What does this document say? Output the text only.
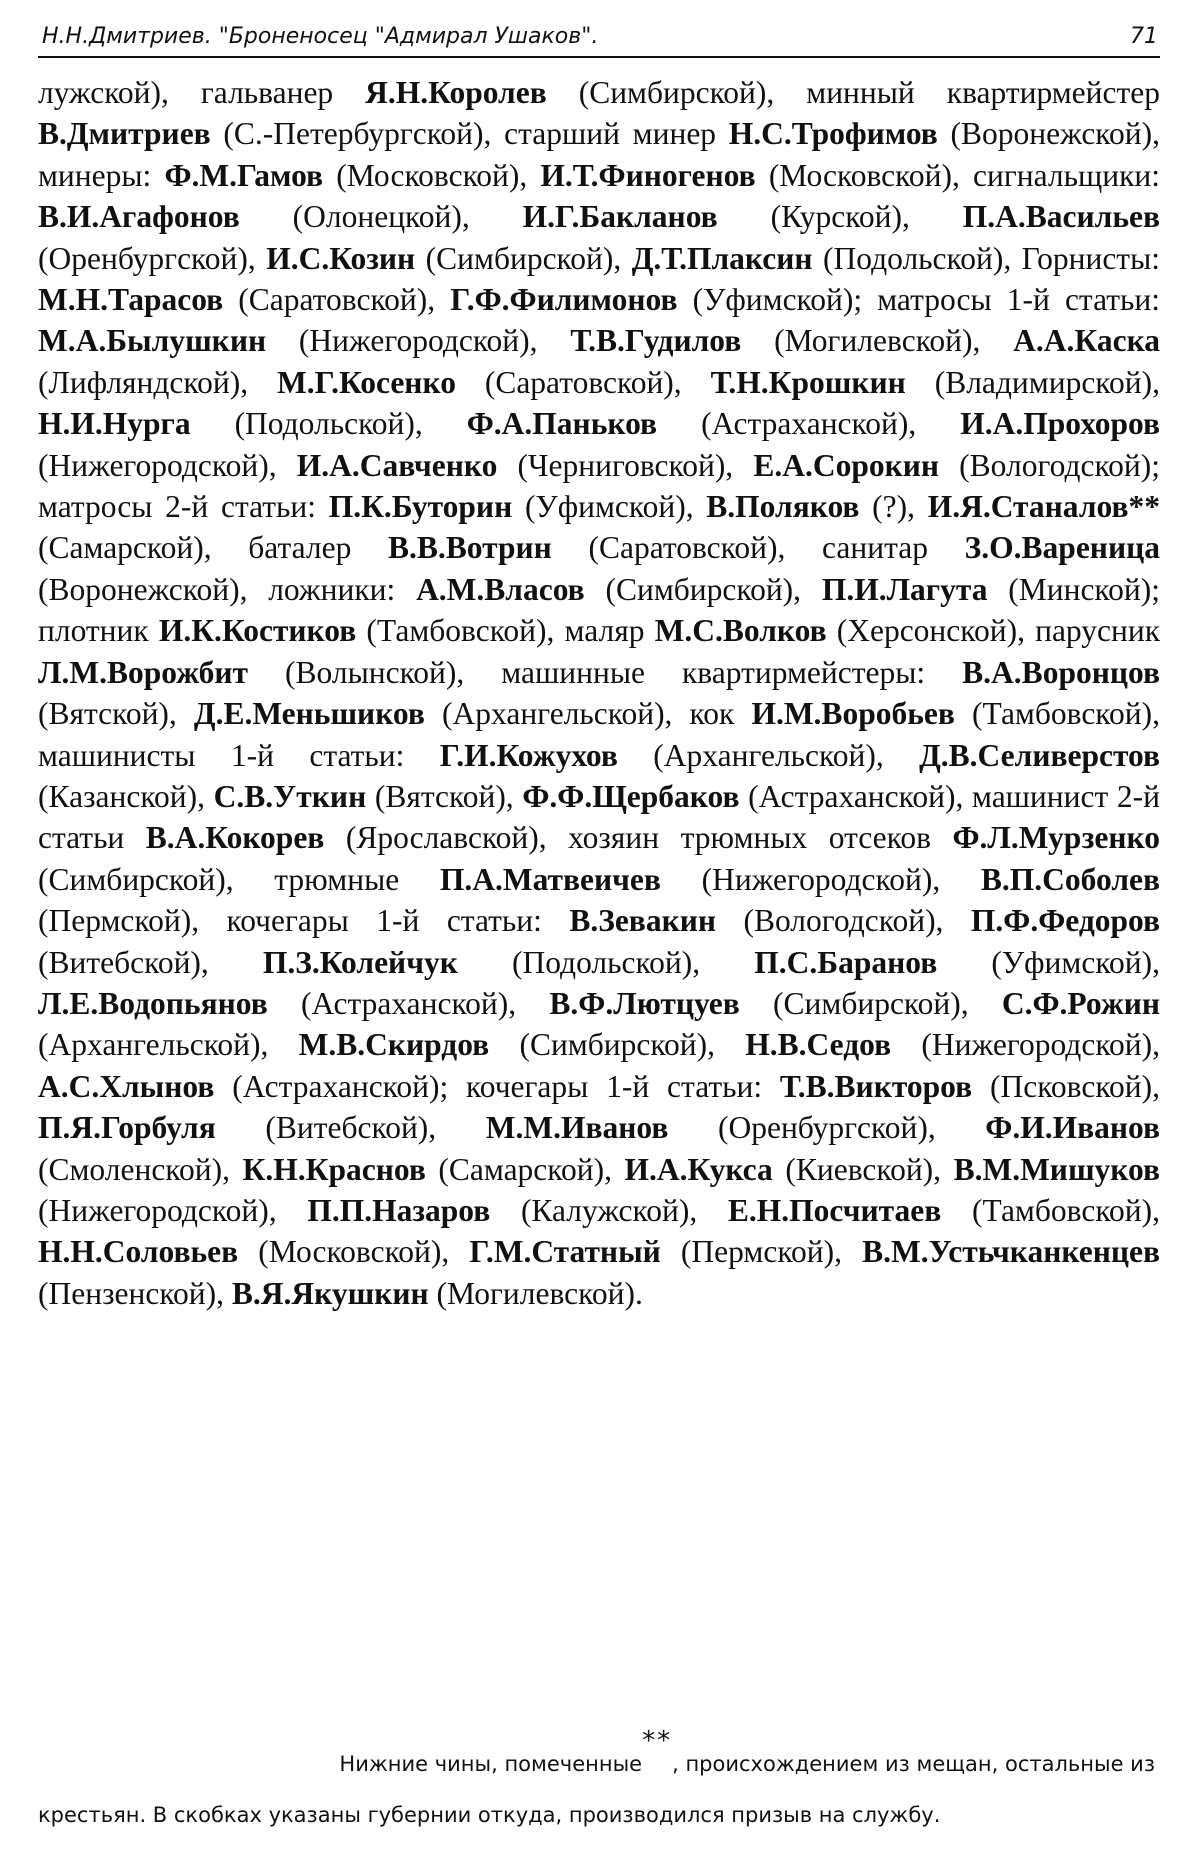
Н.Н.Дмитриев. "Броненосец "Адмирал Ушаков".	71
лужской), гальванер Я.Н.Королев (Симбирской), минный квартирмейстер В.Дмитриев (С.-Петербургской), старший минер Н.С.Трофимов (Воронежской), минеры: Ф.М.Гамов (Московской), И.Т.Финогенов (Московской), сигнальщики: В.И.Агафонов (Олонецкой), И.Г.Бакланов (Курской), П.А.Васильев (Оренбургской), И.С.Козин (Симбирской), Д.Т.Плаксин (Подольской), Горнисты: М.Н.Тарасов (Саратовской), Г.Ф.Филимонов (Уфимской); матросы 1-й статьи: М.А.Былушкин (Нижегородской), Т.В.Гудилов (Могилевской), А.А.Каска (Лифляндской), М.Г.Косенко (Саратовской), Т.Н.Крошкин (Владимирской), Н.И.Нурга (Подольской), Ф.А.Паньков (Астраханской), И.А.Прохоров (Нижегородской), И.А.Савченко (Черниговской), Е.А.Сорокин (Вологодской); матросы 2-й статьи: П.К.Буторин (Уфимской), В.Поляков (?), И.Я.Станалов** (Самарской), баталер В.В.Вотрин (Саратовской), санитар З.О.Вареница (Воронежской), ложники: А.М.Власов (Симбирской), П.И.Лагута (Минской); плотник И.К.Костиков (Тамбовской), маляр М.С.Волков (Херсонской), парусник Л.М.Ворожбит (Волынской), машинные квартирмейстеры: В.А.Воронцов (Вятской), Д.Е.Меньшиков (Архангельской), кок И.М.Воробьев (Тамбовской), машинисты 1-й статьи: Г.И.Кожухов (Архангельской), Д.В.Селиверстов (Казанской), С.В.Уткин (Вятской), Ф.Ф.Щербаков (Астраханской), машинист 2-й статьи В.А.Кокорев (Ярославской), хозяин трюмных отсеков Ф.Л.Мурзенко (Симбирской), трюмные П.А.Матвеичев (Нижегородской), В.П.Соболев (Пермской), кочегары 1-й статьи: В.Зевакин (Вологодской), П.Ф.Федоров (Витебской), П.З.Колейчук (Подольской), П.С.Баранов (Уфимской), Л.Е.Водопьянов (Астраханской), В.Ф.Лютцуев (Симбирской), С.Ф.Рожин (Архангельской), М.В.Скирдов (Симбирской), Н.В.Седов (Нижегородской), А.С.Хлынов (Астраханской); кочегары 1-й статьи: Т.В.Викторов (Псковской), П.Я.Горбуля (Витебской), М.М.Иванов (Оренбургской), Ф.И.Иванов (Смоленской), К.Н.Краснов (Самарской), И.А.Кукса (Киевской), В.М.Мишуков (Нижегородской), П.П.Назаров (Калужской), Е.Н.Посчитаев (Тамбовской), Н.Н.Соловьев (Московской), Г.М.Статный (Пермской), В.М.Устьчканкенцев (Пензенской), В.Я.Якушкин (Могилевской).
Нижние чины, помеченные**, происхождением из мещан, остальные из
крестьян. В скобках указаны губернии откуда, производился призыв на службу.
